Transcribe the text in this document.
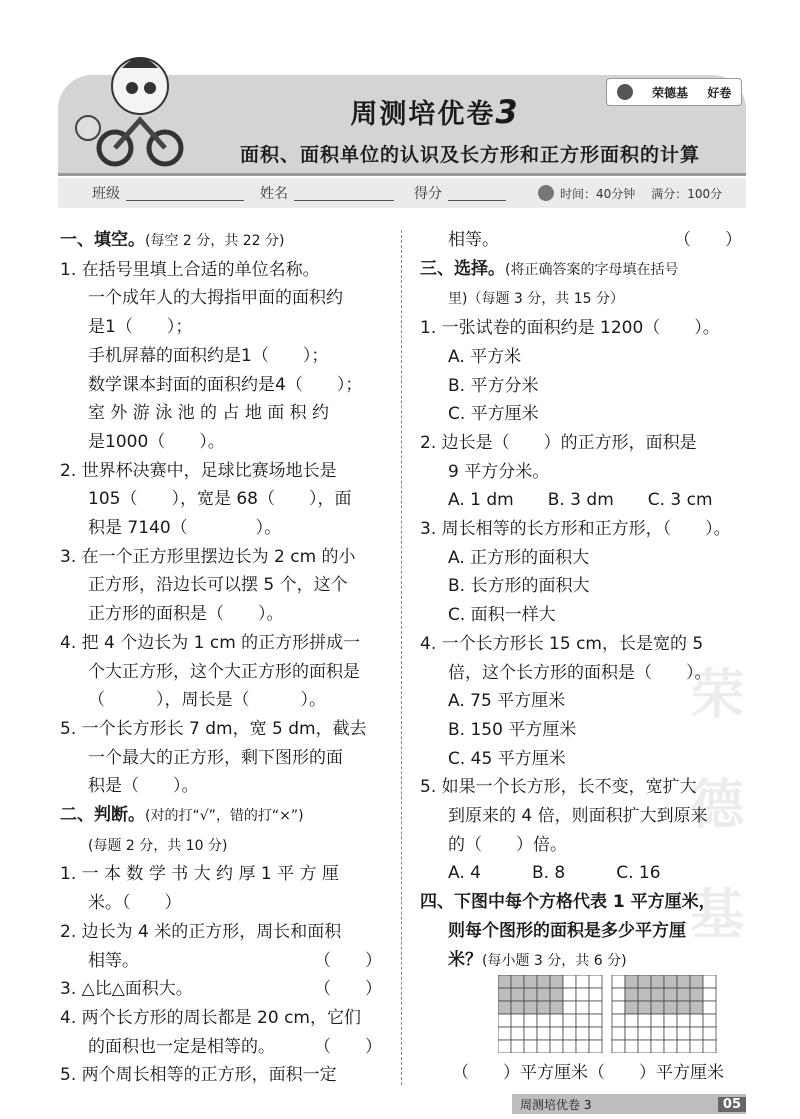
周测培优卷3
面积、面积单位的认识及长方形和正方形面积的计算
荣德基 好卷
班级	姓名	得分	时间：40分钟 满分：100分
荣德基
一、填空。(每空 2 分，共 22 分)
1. 在括号里填上合适的单位名称。
一个成年人的大拇指甲面的面积约
是1（　　）；
手机屏幕的面积约是1（　　）；
数学课本封面的面积约是4（　　）；
室 外 游 泳 池 的 占 地 面 积 约
是1000（　　）。
2. 世界杯决赛中，足球比赛场地长是
105（　　），宽是 68（　　），面
积是 7140（　　　　）。
3. 在一个正方形里摆边长为 2 cm 的小
正方形，沿边长可以摆 5 个，这个
正方形的面积是（　　）。
4. 把 4 个边长为 1 cm 的正方形拼成一
个大正方形，这个大正方形的面积是
（　　　），周长是（　　　）。
5. 一个长方形长 7 dm，宽 5 dm，截去
一个最大的正方形，剩下图形的面
积是（　　）。
二、判断。(对的打“√”，错的打“×”)
(每题 2 分，共 10 分)
1. 一 本 数 学 书 大 约 厚 1 平 方 厘
米。（　　）
2. 边长为 4 米的正方形，周长和面积
相等。	（　　）
3. △比△面积大。	（　　）
4. 两个长方形的周长都是 20 cm，它们
的面积也一定是相等的。 （　　）
5. 两个周长相等的正方形，面积一定
相等。	（　　）
三、选择。(将正确答案的字母填在括号
里)（每题 3 分，共 15 分）
1. 一张试卷的面积约是 1200（　　）。
A. 平方米
B. 平方分米
C. 平方厘米
2. 边长是（　　）的正方形，面积是
9 平方分米。
A. 1 dm　　B. 3 dm　　C. 3 cm
3. 周长相等的长方形和正方形，（　　）。
A. 正方形的面积大
B. 长方形的面积大
C. 面积一样大
4. 一个长方形长 15 cm，长是宽的 5
倍，这个长方形的面积是（　　）。
A. 75 平方厘米
B. 150 平方厘米
C. 45 平方厘米
5. 如果一个长方形，长不变，宽扩大
到原来的 4 倍，则面积扩大到原来
的（　　）倍。
A. 4　　　B. 8　　　C. 16
四、下图中每个方格代表 1 平方厘米，
则每个图形的面积是多少平方厘
米？(每小题 3 分，共 6 分)
（　　）平方厘米（　　）平方厘米
周测培优卷 3	05
